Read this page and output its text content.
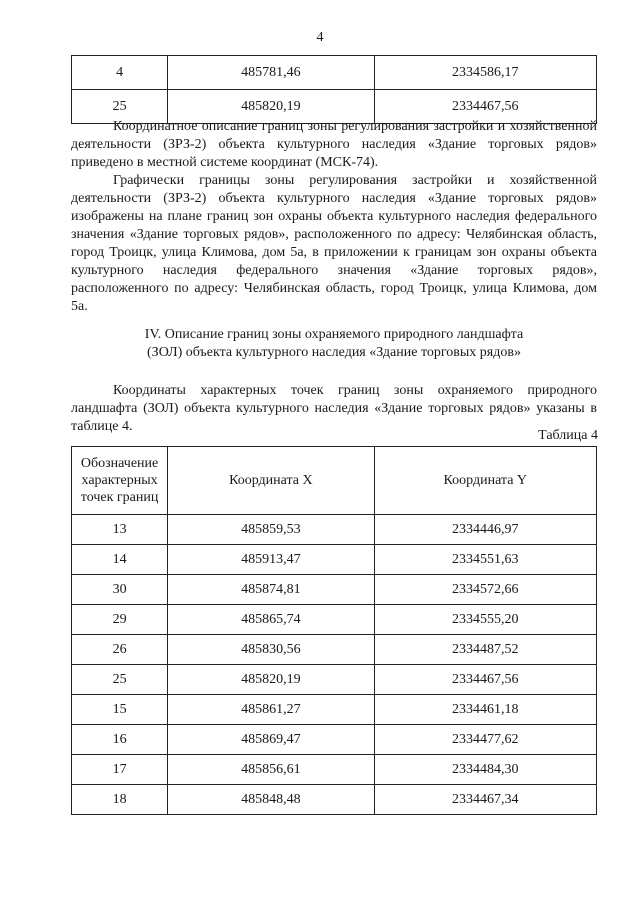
4
4	485781,46	2334586,17
25	485820,19	2334467,56

Координатное описание границ зоны регулирования застройки и хозяйственной деятельности (ЗРЗ-2) объекта культурного наследия «Здание торговых рядов» приведено в местной системе координат (МСК-74).

Графически границы зоны регулирования застройки и хозяйственной деятельности (ЗРЗ-2) объекта культурного наследия «Здание торговых рядов» изображены на плане границ зон охраны объекта культурного наследия федерального значения «Здание торговых рядов», расположенного по адресу: Челябинская область, город Троицк, улица Климова, дом 5а, в приложении к границам зон охраны объекта культурного наследия федерального значения «Здание торговых рядов», расположенного по адресу: Челябинская область, город Троицк, улица Климова, дом 5а.

IV. Описание границ зоны охраняемого природного ландшафта
(ЗОЛ) объекта культурного наследия «Здание торговых рядов»

Координаты характерных точек границ зоны охраняемого природного ландшафта (ЗОЛ) объекта культурного наследия «Здание торговых рядов» указаны в таблице 4.

Таблица 4
Обозначение характерных точек границ	Координата X	Координата Y
13	485859,53	2334446,97
14	485913,47	2334551,63
30	485874,81	2334572,66
29	485865,74	2334555,20
26	485830,56	2334487,52
25	485820,19	2334467,56
15	485861,27	2334461,18
16	485869,47	2334477,62
17	485856,61	2334484,30
18	485848,48	2334467,34
